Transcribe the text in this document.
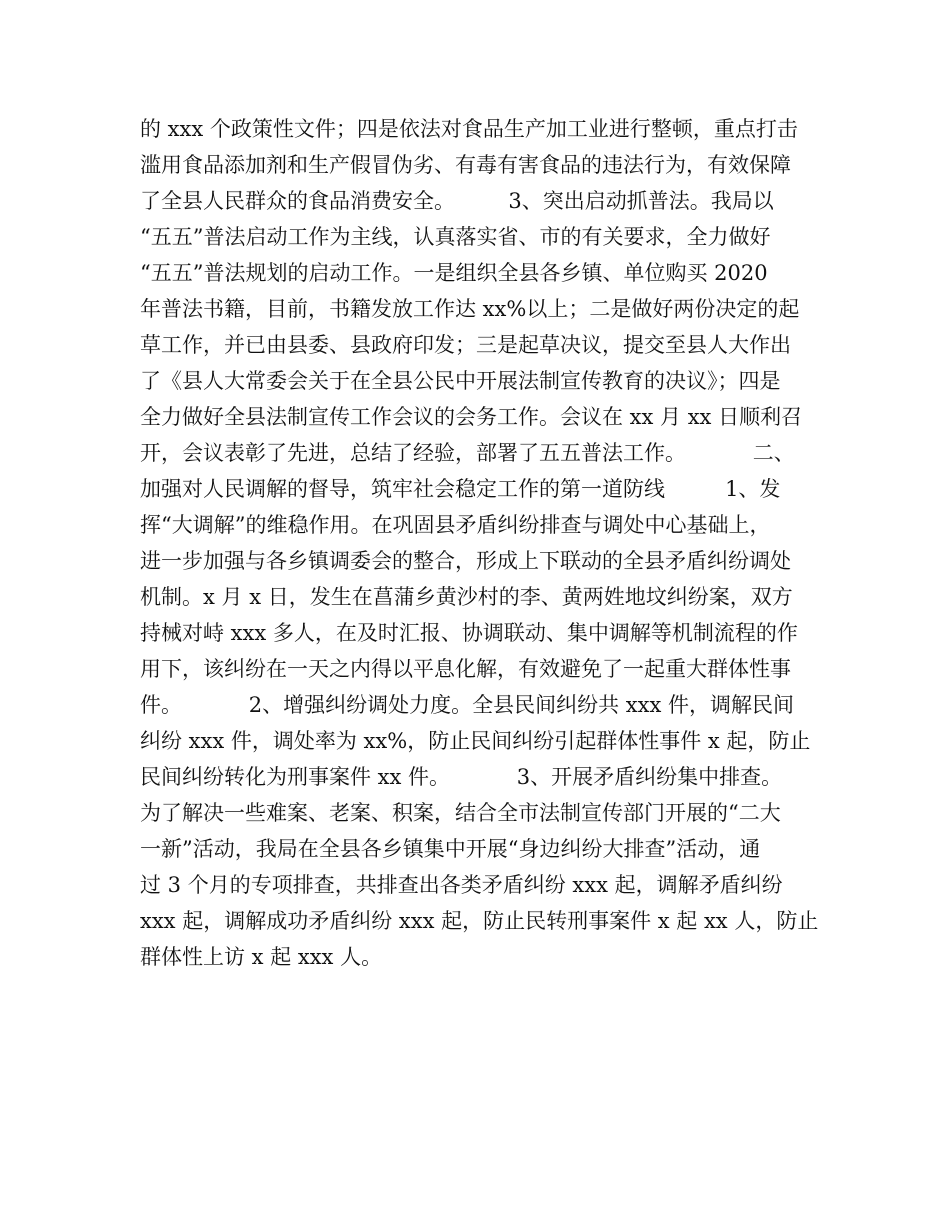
的 xxx 个政策性文件；四是依法对食品生产加工业进行整顿，重点打击
滥用食品添加剂和生产假冒伪劣、有毒有害食品的违法行为，有效保障
了全县人民群众的食品消费安全。        3、突出启动抓普法。我局以
“五五”普法启动工作为主线，认真落实省、市的有关要求，全力做好
“五五”普法规划的启动工作。一是组织全县各乡镇、单位购买 2020
年普法书籍，目前，书籍发放工作达 xx%以上；二是做好两份决定的起
草工作，并已由县委、县政府印发；三是起草决议，提交至县人大作出
了《县人大常委会关于在全县公民中开展法制宣传教育的决议》；四是
全力做好全县法制宣传工作会议的会务工作。会议在 xx 月 xx 日顺利召
开，会议表彰了先进，总结了经验，部署了五五普法工作。          二、
加强对人民调解的督导，筑牢社会稳定工作的第一道防线         1、发
挥“大调解”的维稳作用。在巩固县矛盾纠纷排查与调处中心基础上，
进一步加强与各乡镇调委会的整合，形成上下联动的全县矛盾纠纷调处
机制。x 月 x 日，发生在菖蒲乡黄沙村的李、黄两姓地坟纠纷案，双方
持械对峙 xxx 多人，在及时汇报、协调联动、集中调解等机制流程的作
用下，该纠纷在一天之内得以平息化解，有效避免了一起重大群体性事
件。          2、增强纠纷调处力度。全县民间纠纷共 xxx 件，调解民间
纠纷 xxx 件，调处率为 xx%，防止民间纠纷引起群体性事件 x 起，防止
民间纠纷转化为刑事案件 xx 件。          3、开展矛盾纠纷集中排查。
为了解决一些难案、老案、积案，结合全市法制宣传部门开展的“二大
一新”活动，我局在全县各乡镇集中开展“身边纠纷大排查”活动，通
过 3 个月的专项排查，共排查出各类矛盾纠纷 xxx 起，调解矛盾纠纷
xxx 起，调解成功矛盾纠纷 xxx 起，防止民转刑事案件 x 起 xx 人，防止
群体性上访 x 起 xxx 人。
